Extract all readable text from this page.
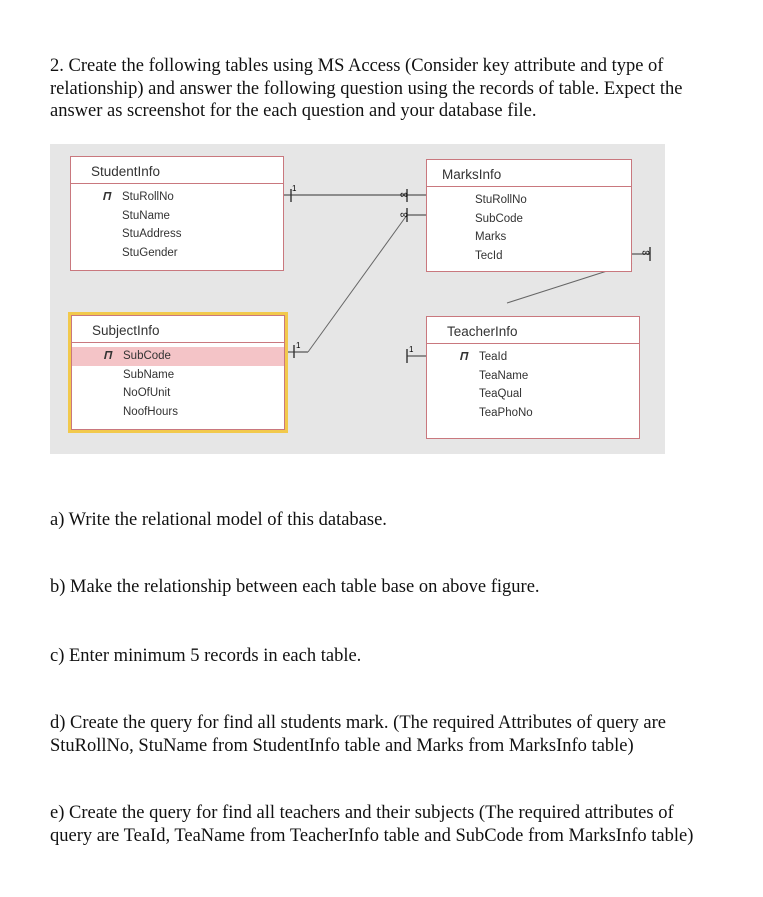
2. Create the following tables using MS Access (Consider key attribute and type of relationship) and answer the following question using the records of table. Expect the answer as screenshot for the each question and your database file.

1
∞
1
∞
1
∞
StudentInfo
𝜫 StuRollNo
StuName
StuAddress
StuGender
MarksInfo
StuRollNo
SubCode
Marks
TecId
SubjectInfo
𝜫 SubCode
SubName
NoOfUnit
NoofHours
TeacherInfo
𝜫 TeaId
TeaName
TeaQual
TeaPhoNo

a) Write the relational model of this database.

b) Make the relationship between each table base on above figure.

c) Enter minimum 5 records in each table.

d) Create the query for find all students mark. (The required Attributes of query are StuRollNo, StuName from StudentInfo table and Marks from MarksInfo table)

e) Create the query for find all teachers and their subjects (The required attributes of query are TeaId, TeaName from TeacherInfo table and SubCode from MarksInfo table)
